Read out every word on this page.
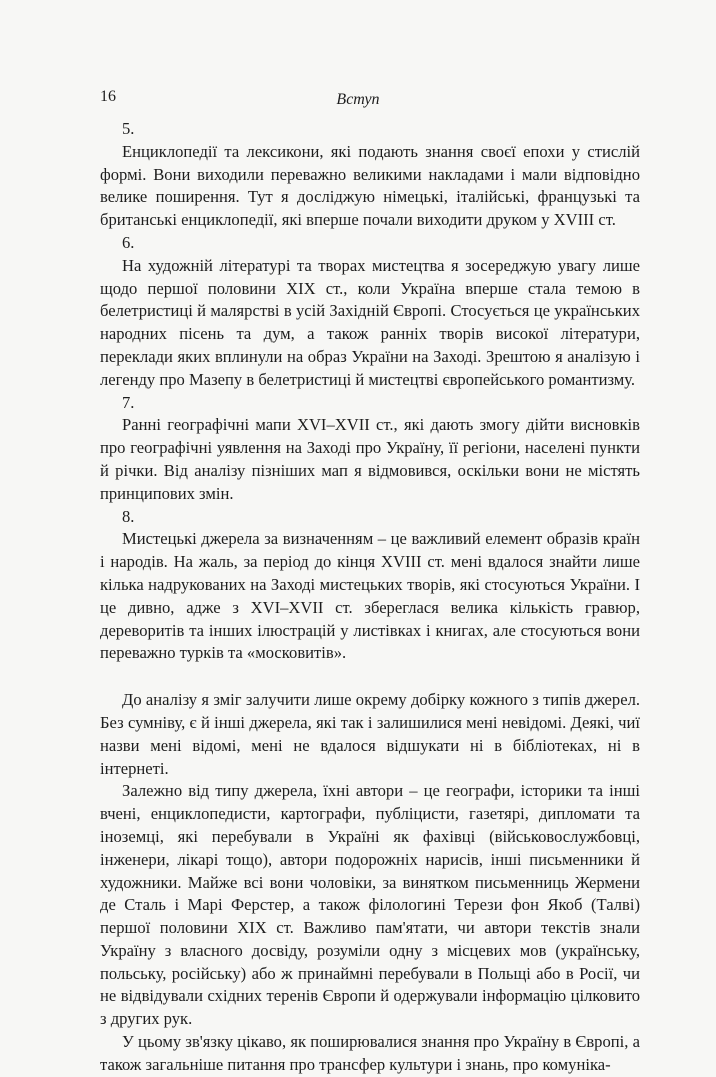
16	Вступ

5.

Енциклопедії та лексикони, які подають знання своєї епохи у стислій формі. Вони виходили переважно великими накладами і мали відповідно велике поширення. Тут я досліджую німецькі, італійські, французькі та британські енциклопедії, які вперше почали виходити друком у XVIII ст.

6.

На художній літературі та творах мистецтва я зосереджую увагу лише щодо першої половини XIX ст., коли Україна вперше стала темою в белетристиці й малярстві в усій Західній Європі. Стосується це українських народних пісень та дум, а також ранніх творів високої літератури, переклади яких вплинули на образ України на Заході. Зрештою я аналізую і легенду про Мазепу в белетристиці й мистецтві європейського романтизму.

7.

Ранні географічні мапи XVI–XVII ст., які дають змогу дійти висновків про географічні уявлення на Заході про Україну, її регіони, населені пункти й річки. Від аналізу пізніших мап я відмовився, оскільки вони не містять принципових змін.

8.

Мистецькі джерела за визначенням – це важливий елемент образів країн і народів. На жаль, за період до кінця XVIII ст. мені вдалося знайти лише кілька надрукованих на Заході мистецьких творів, які стосуються України. І це дивно, адже з XVI–XVII ст. збереглася велика кількість гравюр, дереворитів та інших ілюстрацій у листівках і книгах, але стосуються вони переважно турків та «московитів».

До аналізу я зміг залучити лише окрему добірку кожного з типів джерел. Без сумніву, є й інші джерела, які так і залишилися мені невідомі. Деякі, чиї назви мені відомі, мені не вдалося відшукати ні в бібліотеках, ні в інтернеті.

Залежно від типу джерела, їхні автори – це географи, історики та інші вчені, енциклопедисти, картографи, публіцисти, газетярі, дипломати та іноземці, які перебували в Україні як фахівці (військовослужбовці, інженери, лікарі тощо), автори подорожніх нарисів, інші письменники й художники. Майже всі вони чоловіки, за винятком письменниць Жермени де Сталь і Марі Ферстер, а також філологині Терези фон Якоб (Талві) першої половини XIX ст. Важливо пам'ятати, чи автори текстів знали Україну з власного досвіду, розуміли одну з місцевих мов (українську, польську, російську) або ж принаймні перебували в Польщі або в Росії, чи не відвідували східних теренів Європи й одержували інформацію цілковито з других рук.

У цьому зв'язку цікаво, як поширювалися знання про Україну в Європі, а також загальніше питання про трансфер культури і знань, про комуніка-
